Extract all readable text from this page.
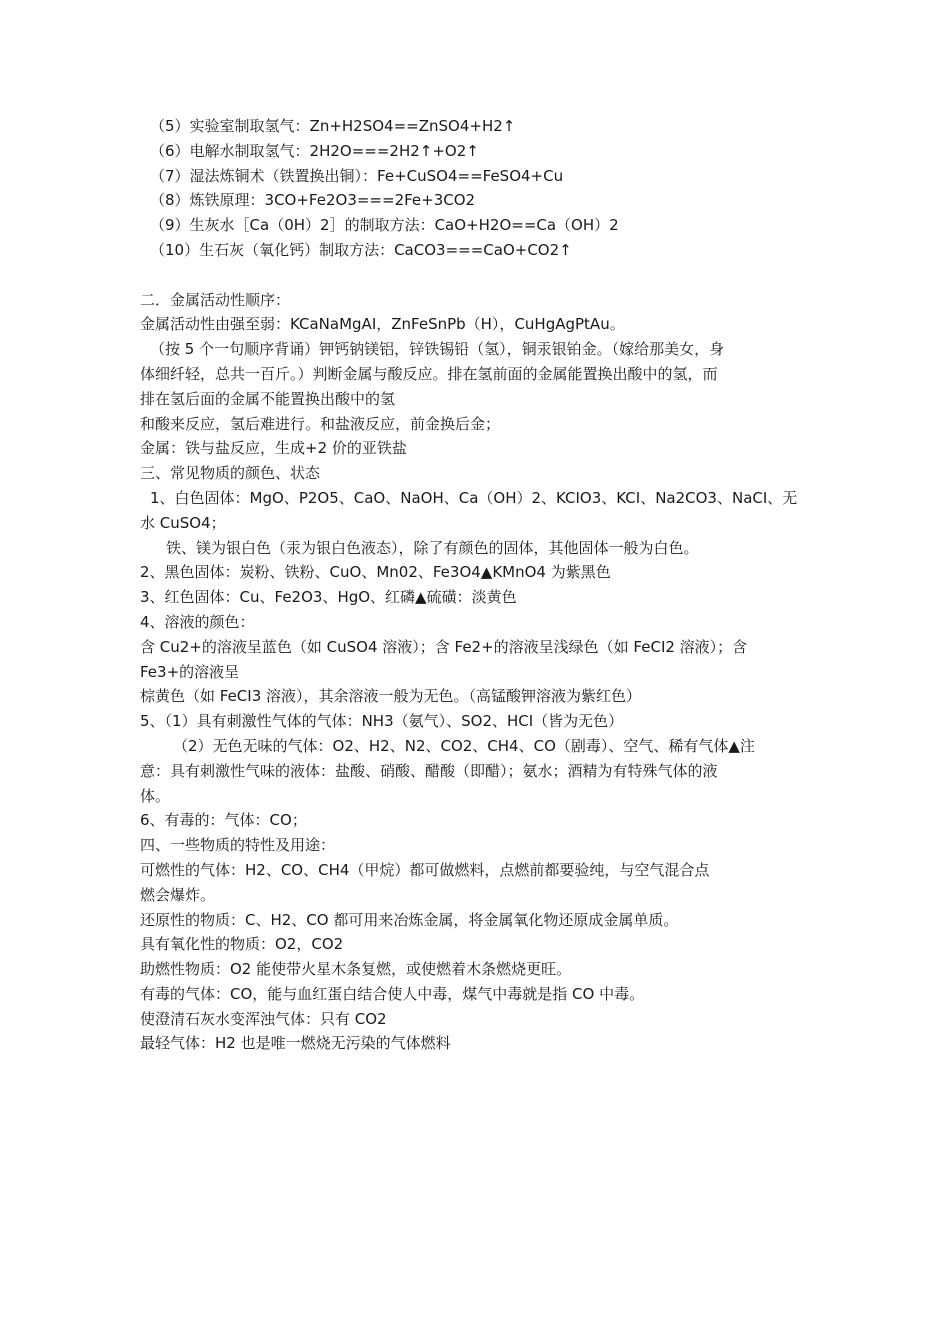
（5）实验室制取氢气：Zn+H2SO4==ZnSO4+H2↑
（6）电解水制取氢气：2H2O===2H2↑+O2↑
（7）湿法炼铜术（铁置换出铜）：Fe+CuSO4==FeSO4+Cu
（8）炼铁原理：3CO+Fe2O3===2Fe+3CO2
（9）生灰水［Ca（0H）2］的制取方法：CaO+H2O==Ca（OH）2
（10）生石灰（氧化钙）制取方法：CaCO3===CaO+CO2↑
二．金属活动性顺序：
金属活动性由强至弱：KCaNaMgAI，ZnFeSnPb（H），CuHgAgPtAu。
（按 5 个一句顺序背诵）钾钙钠镁铝，锌铁锡铅（氢），铜汞银铂金。（嫁给那美女，身
体细纤轻，总共一百斤。）判断金属与酸反应。排在氢前面的金属能置换出酸中的氢，而
排在氢后面的金属不能置换出酸中的氢
和酸来反应，氢后难进行。和盐液反应，前金换后金；
金属：铁与盐反应，生成+2 价的亚铁盐
三、常见物质的颜色、状态
1、白色固体：MgO、P2O5、CaO、NaOH、Ca（OH）2、KCIO3、KCI、Na2CO3、NaCI、无
水 CuSO4；
铁、镁为银白色（汞为银白色液态），除了有颜色的固体，其他固体一般为白色。
2、黑色固体：炭粉、铁粉、CuO、Mn02、Fe3O4▲KMnO4 为紫黑色
3、红色固体：Cu、Fe2O3、HgO、红磷▲硫磺：淡黄色
4、溶液的颜色：
含 Cu2+的溶液呈蓝色（如 CuSO4 溶液）；含 Fe2+的溶液呈浅绿色（如 FeCI2 溶液）；含
Fe3+的溶液呈
棕黄色（如 FeCI3 溶液），其余溶液一般为无色。（高锰酸钾溶液为紫红色）
5、（1）具有刺激性气体的气体：NH3（氨气）、SO2、HCI（皆为无色）
（2）无色无味的气体：O2、H2、N2、CO2、CH4、CO（剧毒）、空气、稀有气体▲注
意：具有刺激性气味的液体：盐酸、硝酸、醋酸（即醋）；氨水；酒精为有特殊气体的液
体。
6、有毒的：气体：CO；
四、一些物质的特性及用途：
可燃性的气体：H2、CO、CH4（甲烷）都可做燃料，点燃前都要验纯，与空气混合点
燃会爆炸。
还原性的物质：C、H2、CO 都可用来冶炼金属，将金属氧化物还原成金属单质。
具有氧化性的物质：O2，CO2
助燃性物质：O2 能使带火星木条复燃，或使燃着木条燃烧更旺。
有毒的气体：CO，能与血红蛋白结合使人中毒，煤气中毒就是指 CO 中毒。
使澄清石灰水变浑浊气体：只有 CO2
最轻气体：H2 也是唯一燃烧无污染的气体燃料
